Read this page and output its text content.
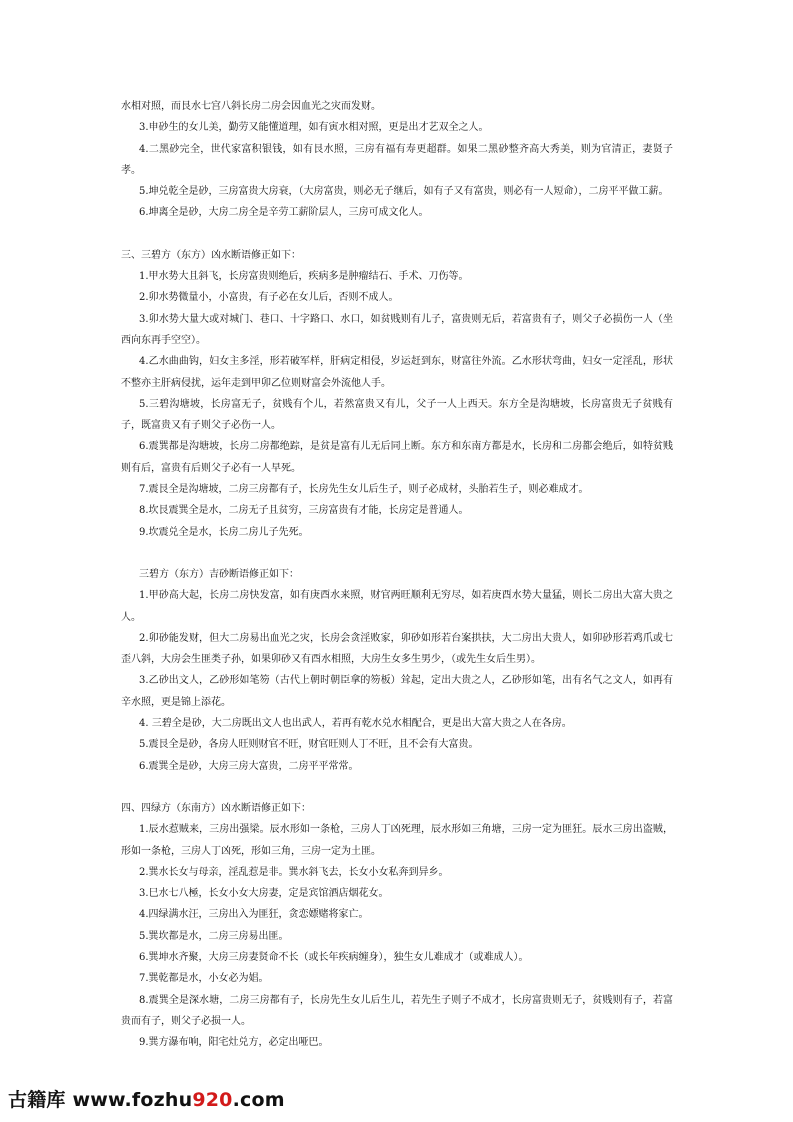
水相对照，而艮水七宫八斜长房二房会因血光之灾而发财。

3.申砂生的女儿美，勤劳又能懂道理，如有寅水相对照，更是出才艺双全之人。

4.二黑砂完全，世代家富积银钱，如有艮水照，三房有福有寿更超群。如果二黑砂整齐高大秀美，则为官清正，妻贤子孝。

5.坤兑乾全是砂，三房富贵大房衰，（大房富贵，则必无子继后，如有子又有富贵，则必有一人短命），二房平平做工薪。

6.坤离全是砂，大房二房全是辛劳工薪阶层人，三房可成文化人。

三、三碧方（东方）凶水断语修正如下：

1.甲水势大且斜飞，长房富贵则绝后，疾病多是肿瘤结石、手术、刀伤等。

2.卯水势微量小，小富贵，有子必在女儿后，否则不成人。

3.卯水势大量大或对城门、巷口、十字路口、水口，如贫贱则有儿子，富贵则无后，若富贵有子，则父子必损伤一人（坐西向东再手空空）。

4.乙水曲曲钩，妇女主多淫，形若破军样，肝病定相侵，岁运赶到东，财富往外流。乙水形状弯曲，妇女一定淫乱，形状不整亦主肝病侵扰，运年走到甲卯乙位则财富会外流他人手。

5.三碧沟塘坡，长房富无子，贫贱有个儿，若然富贵又有儿，父子一人上西天。东方全是沟塘坡，长房富贵无子贫贱有子，既富贵又有子则父子必伤一人。

6.震巽都是沟塘坡，长房二房都绝踪，是贫是富有儿无后同上断。东方和东南方都是水，长房和二房都会绝后，如特贫贱则有后，富贵有后则父子必有一人早死。

7.震艮全是沟塘坡，二房三房都有子，长房先生女儿后生子，则子必成材，头胎若生子，则必难成才。

8.坎艮震巽全是水，二房无子且贫穷，三房富贵有才能，长房定是普通人。

9.坎震兑全是水，长房二房儿子先死。

三碧方（东方）吉砂断语修正如下：

1.甲砂高大起，长房二房快发富，如有庚酉水来照，财官两旺顺利无穷尽，如若庚酉水势大量猛，则长二房出大富大贵之人。

2.卯砂能发财，但大二房易出血光之灾，长房会贪淫败家，卯砂如形若台案拱扶，大二房出大贵人，如卯砂形若鸡爪或七歪八斜，大房会生匪类子孙，如果卯砂又有酉水相照，大房生女多生男少，（或先生女后生男）。

3.乙砂出文人，乙砂形如笔笏（古代上朝时朝臣拿的笏板）耸起，定出大贵之人，乙砂形如笔，出有名气之文人，如再有辛水照，更是锦上添花。

4. 三碧全是砂，大二房既出文人也出武人，若再有乾水兑水相配合，更是出大富大贵之人在各房。

5.震艮全是砂，各房人旺则财官不旺，财官旺则人丁不旺，且不会有大富贵。

6.震巽全是砂，大房三房大富贵，二房平平常常。

四、四绿方（东南方）凶水断语修正如下：

1.辰水惹贼来，三房出强梁。辰水形如一条枪，三房人丁凶死理，辰水形如三角塘，三房一定为匪狂。辰水三房出盗贼，形如一条枪，三房人丁凶死，形如三角，三房一定为土匪。

2.巽水长女与母亲，淫乱惹是非。巽水斜飞去，长女小女私奔到异乡。

3.巳水七八極，长女小女大房妻，定是宾馆酒店烟花女。

4.四绿满水汪，三房出入为匪狂，贪恋嫖赌将家亡。

5.巽坎都是水，二房三房易出匪。

6.巽坤水齐聚，大房三房妻贤命不长（或长年疾病缠身），独生女儿难成才（或难成人）。

7.巽乾都是水，小女必为娼。

8.震巽全是深水塘，二房三房都有子，长房先生女儿后生儿，若先生子则子不成才，长房富贵则无子，贫贱则有子，若富贵而有子，则父子必损一人。

9.巽方瀑布响，阳宅灶兑方，必定出哑巴。

古籍库 www.fozhu920.com
